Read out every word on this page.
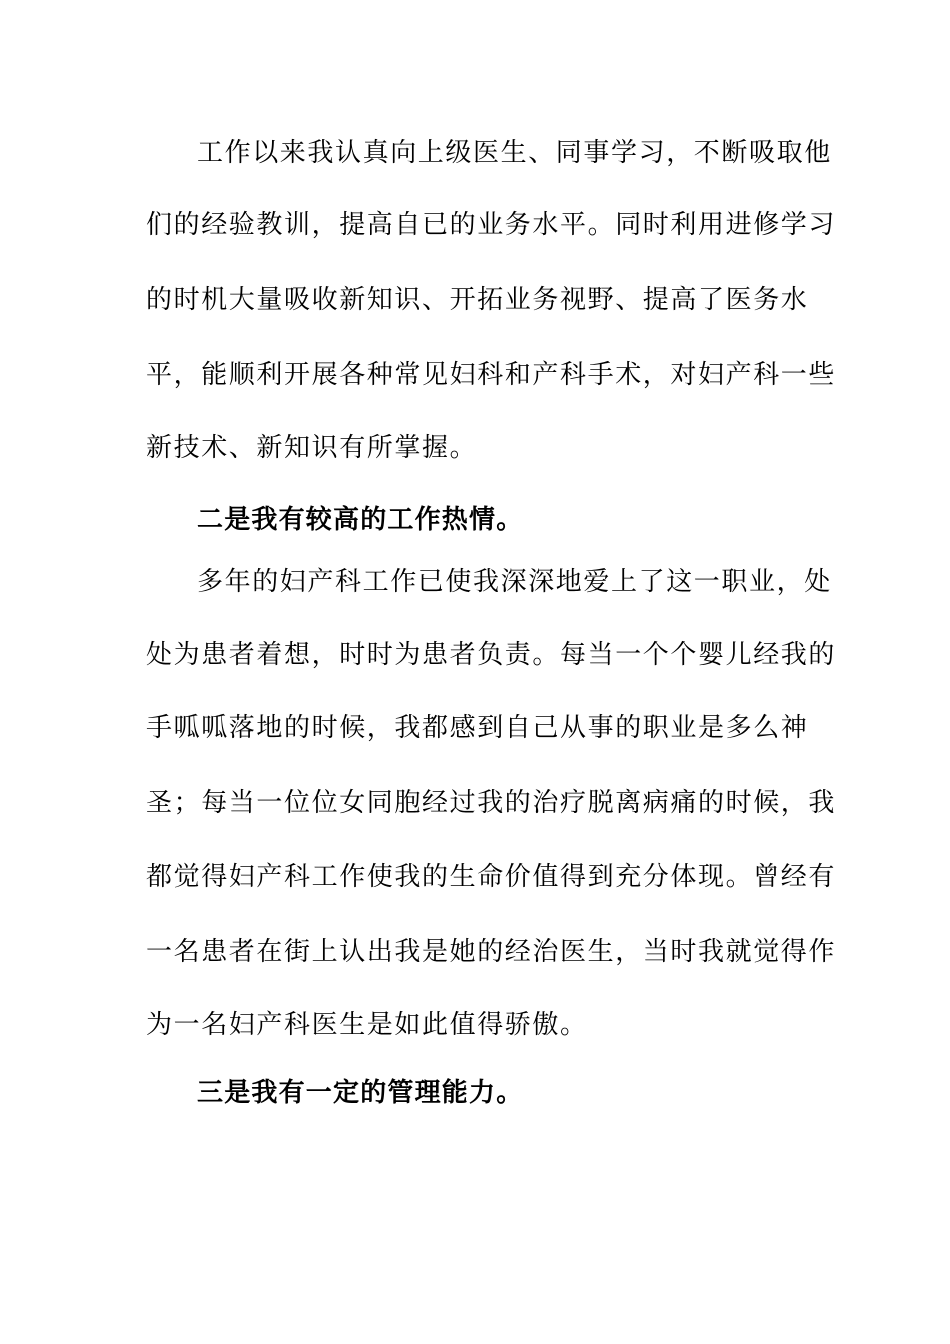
工作以来我认真向上级医生、同事学习，不断吸取他
们的经验教训，提高自已的业务水平。同时利用进修学习
的时机大量吸收新知识、开拓业务视野、提高了医务水
平，能顺利开展各种常见妇科和产科手术，对妇产科一些
新技术、新知识有所掌握。
二是我有较高的工作热情。
多年的妇产科工作已使我深深地爱上了这一职业，处
处为患者着想，时时为患者负责。每当一个个婴儿经我的
手呱呱落地的时候，我都感到自己从事的职业是多么神
圣；每当一位位女同胞经过我的治疗脱离病痛的时候，我
都觉得妇产科工作使我的生命价值得到充分体现。曾经有
一名患者在街上认出我是她的经治医生，当时我就觉得作
为一名妇产科医生是如此值得骄傲。
三是我有一定的管理能力。
